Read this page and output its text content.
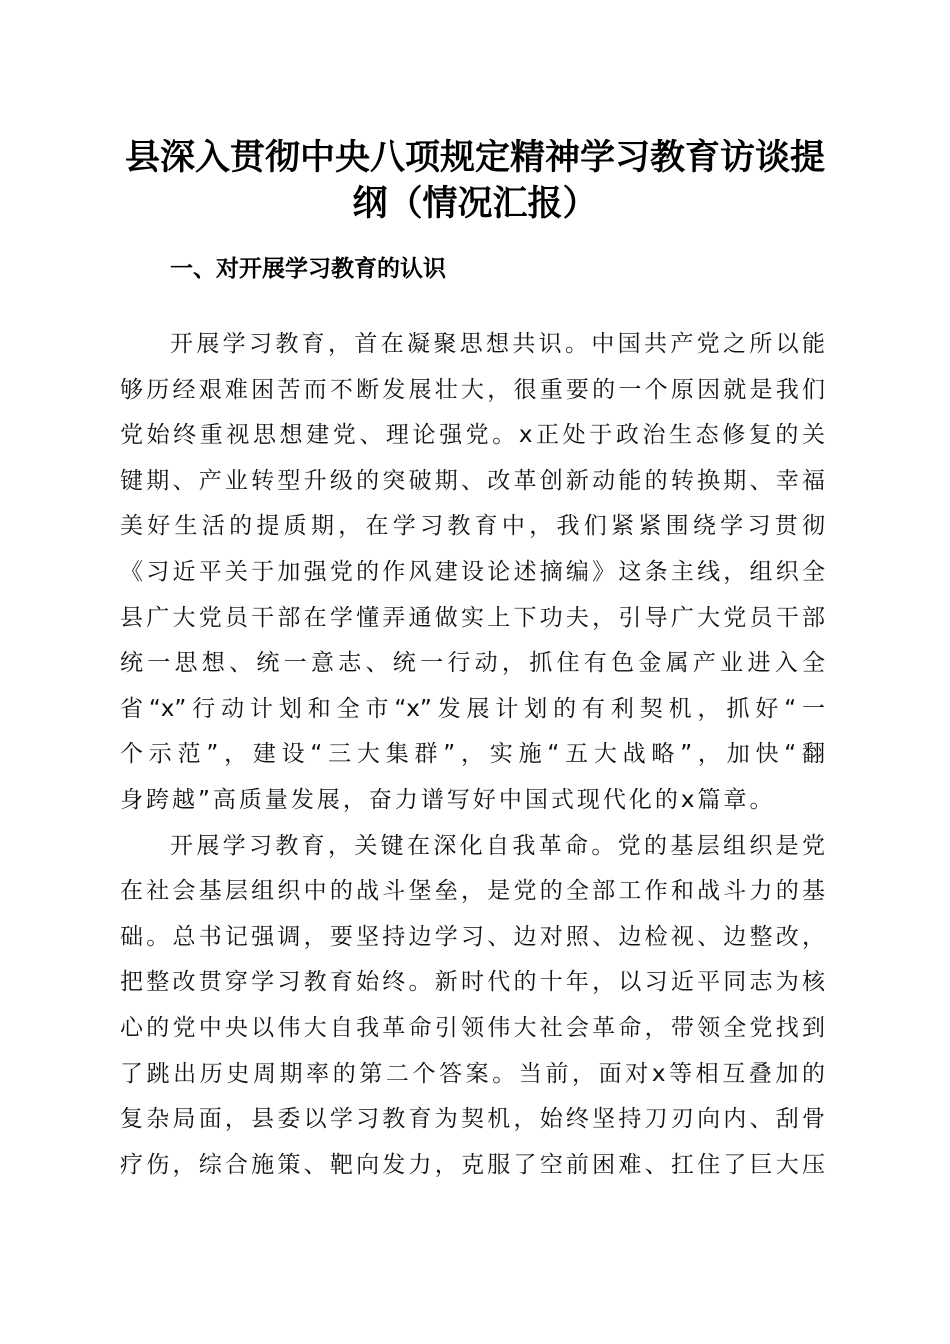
县深入贯彻中央八项规定精神学习教育访谈提
纲（情况汇报）
一、对开展学习教育的认识
开展学习教育，首在凝聚思想共识。中国共产党之所以能
够历经艰难困苦而不断发展壮大，很重要的一个原因就是我们
党始终重视思想建党、理论强党。x正处于政治生态修复的关
键期、产业转型升级的突破期、改革创新动能的转换期、幸福
美好生活的提质期，在学习教育中，我们紧紧围绕学习贯彻
《习近平关于加强党的作风建设论述摘编》这条主线，组织全
县广大党员干部在学懂弄通做实上下功夫，引导广大党员干部
统一思想、统一意志、统一行动，抓住有色金属产业进入全
省“x”行动计划和全市“x”发展计划的有利契机，抓好“一
个示范”，建设“三大集群”，实施“五大战略”，加快“翻
身跨越”高质量发展，奋力谱写好中国式现代化的x篇章。
开展学习教育，关键在深化自我革命。党的基层组织是党
在社会基层组织中的战斗堡垒，是党的全部工作和战斗力的基
础。总书记强调，要坚持边学习、边对照、边检视、边整改，
把整改贯穿学习教育始终。新时代的十年，以习近平同志为核
心的党中央以伟大自我革命引领伟大社会革命，带领全党找到
了跳出历史周期率的第二个答案。当前，面对x等相互叠加的
复杂局面，县委以学习教育为契机，始终坚持刀刃向内、刮骨
疗伤，综合施策、靶向发力，克服了空前困难、扛住了巨大压
